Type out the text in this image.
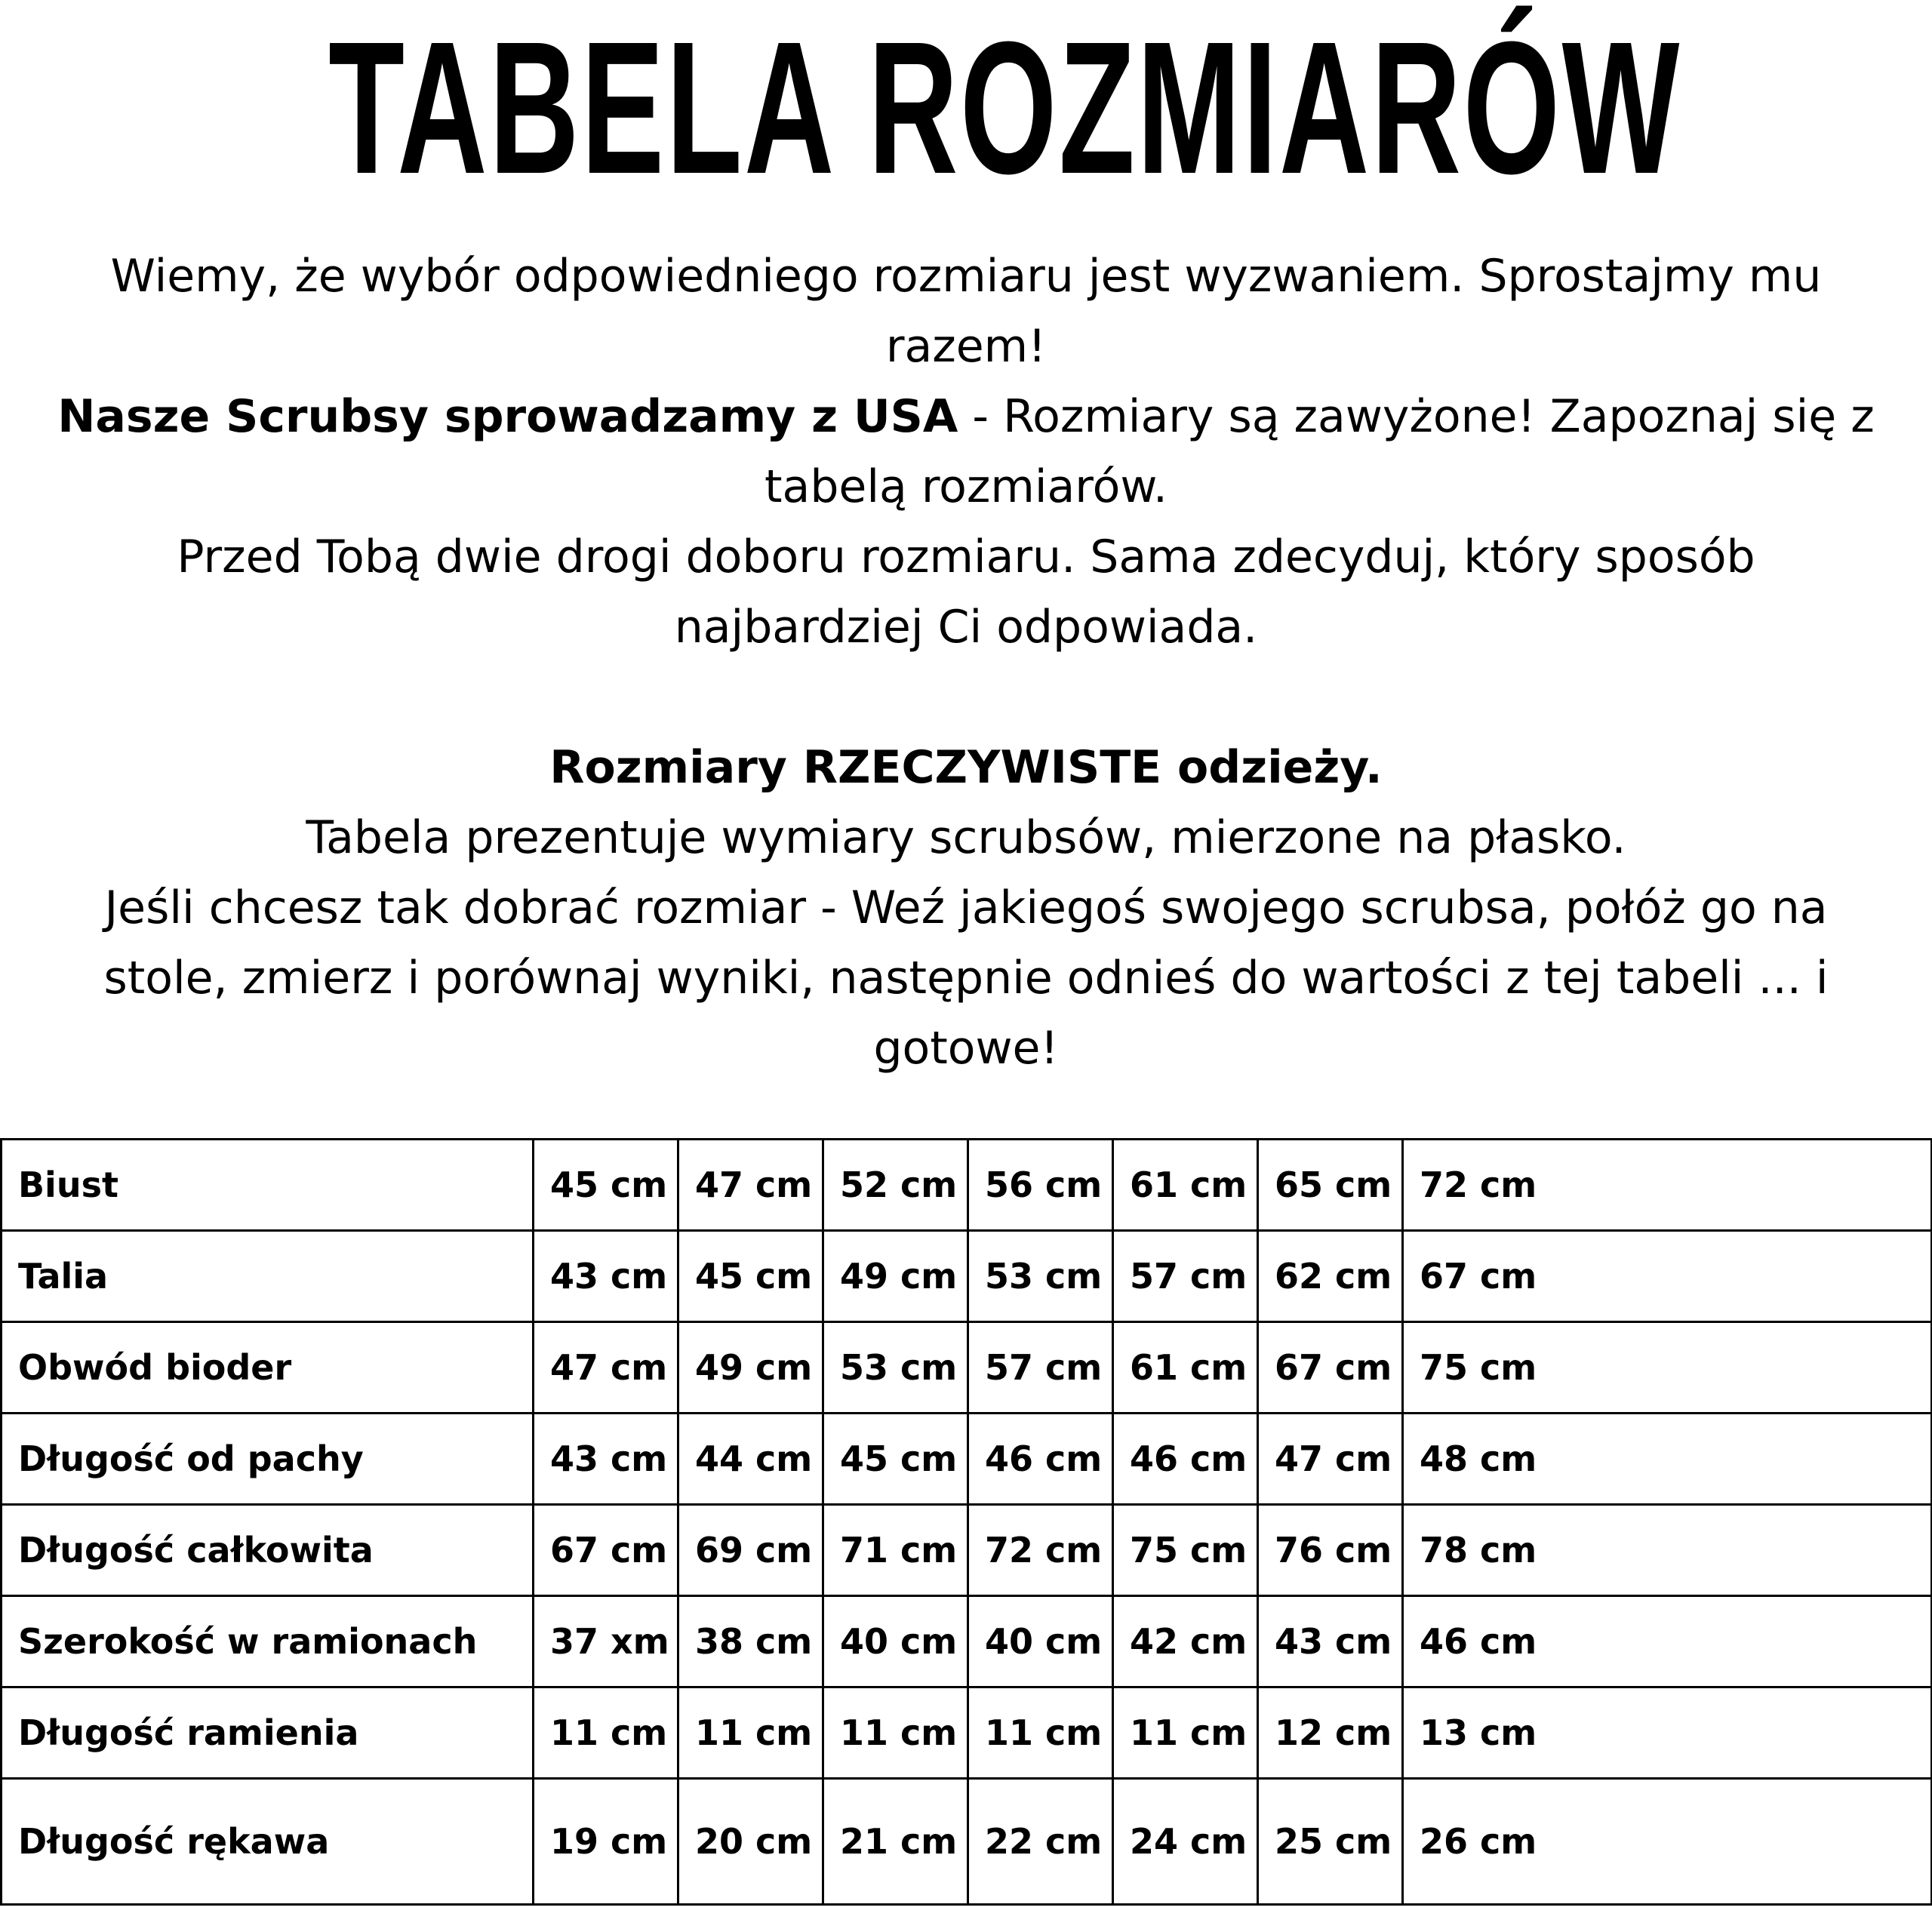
TABELA ROZMIARÓW

Wiemy, że wybór odpowiedniego rozmiaru jest wyzwaniem. Sprostajmy mu razem!

Nasze Scrubsy sprowadzamy z USA - Rozmiary są zawyżone! Zapoznaj się z tabelą rozmiarów.

Przed Tobą dwie drogi doboru rozmiaru. Sama zdecyduj, który sposób najbardziej Ci odpowiada.

Rozmiary RZECZYWISTE odzieży.

Tabela prezentuje wymiary scrubsów, mierzone na płasko.

Jeśli chcesz tak dobrać rozmiar - Weź jakiegoś swojego scrubsa, połóż go na stole, zmierz i porównaj wyniki, następnie odnieś do wartości z tej tabeli ... i gotowe!

Biust	45 cm	47 cm	52 cm	56 cm	61 cm	65 cm	72 cm
Talia	43 cm	45 cm	49 cm	53 cm	57 cm	62 cm	67 cm
Obwód bioder	47 cm	49 cm	53 cm	57 cm	61 cm	67 cm	75 cm
Długość od pachy	43 cm	44 cm	45 cm	46 cm	46 cm	47 cm	48 cm
Długość całkowita	67 cm	69 cm	71 cm	72 cm	75 cm	76 cm	78 cm
Szerokość w ramionach	37 xm	38 cm	40 cm	40 cm	42 cm	43 cm	46 cm
Długość ramienia	11 cm	11 cm	11 cm	11 cm	11 cm	12 cm	13 cm
Długość rękawa	19 cm	20 cm	21 cm	22 cm	24 cm	25 cm	26 cm
